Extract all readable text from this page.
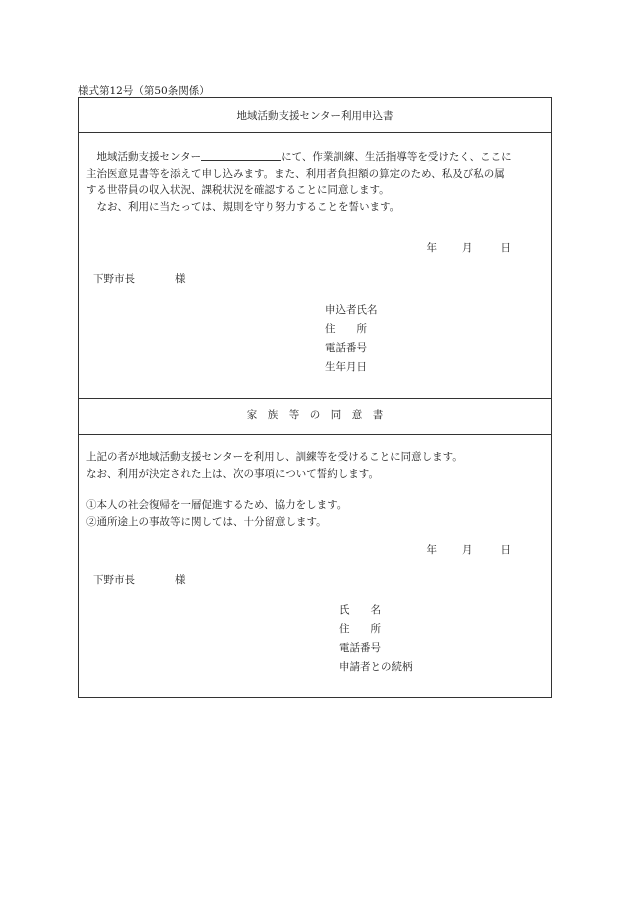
様式第12号（第50条関係）
地域活動支援センター利用申込書
　地域活動支援センター	にて、作業訓練、生活指導等を受けたく、ここに
主治医意見書等を添えて申し込みます。また、利用者負担額の算定のため、私及び私の属
する世帯員の収入状況、課税状況を確認することに同意します。
　なお、利用に当たっては、規則を守り努力することを誓います。
年 月	日
下野市長	様
申込者氏名
住　　所
電話番号
生年月日
家　族　等　の　同　意　書
上記の者が地域活動支援センターを利用し、訓練等を受けることに同意します。
なお、利用が決定された上は、次の事項について誓約します。
①本人の社会復帰を一層促進するため、協力をします。
②通所途上の事故等に関しては、十分留意します。
年 月	日
下野市長	様
氏　　名
住　　所
電話番号
申請者との続柄
